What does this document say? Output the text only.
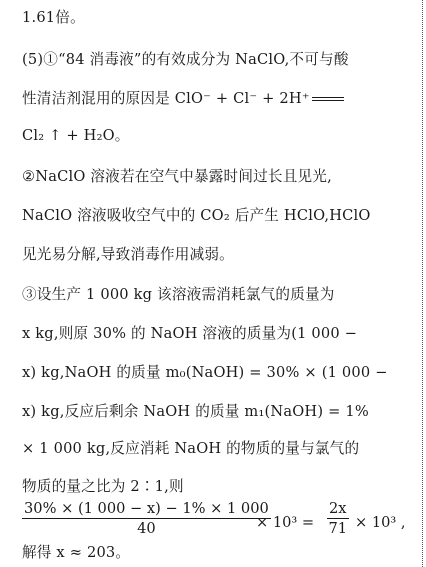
1.61倍。
(5)①“84 消毒液”的有效成分为 NaClO,不可与酸
性清洁剂混用的原因是 ClO⁻ + Cl⁻ + 2H⁺
Cl₂ ↑ + H₂O。
②NaClO 溶液若在空气中暴露时间过长且见光,
NaClO 溶液吸收空气中的 CO₂ 后产生 HClO,HClO
见光易分解,导致消毒作用减弱。
③设生产 1 000 kg 该溶液需消耗氯气的质量为
x kg,则原 30% 的 NaOH 溶液的质量为(1 000 −
x) kg,NaOH 的质量 m₀(NaOH) = 30% × (1 000 −
x) kg,反应后剩余 NaOH 的质量 m₁(NaOH) = 1%
× 1 000 kg,反应消耗 NaOH 的物质的量与氯气的
物质的量之比为 2∶1,则
30% × (1 000 − x) − 1% × 1 000
40	× 10³ =
2x
71 × 10³ ,
解得 x ≈ 203。
